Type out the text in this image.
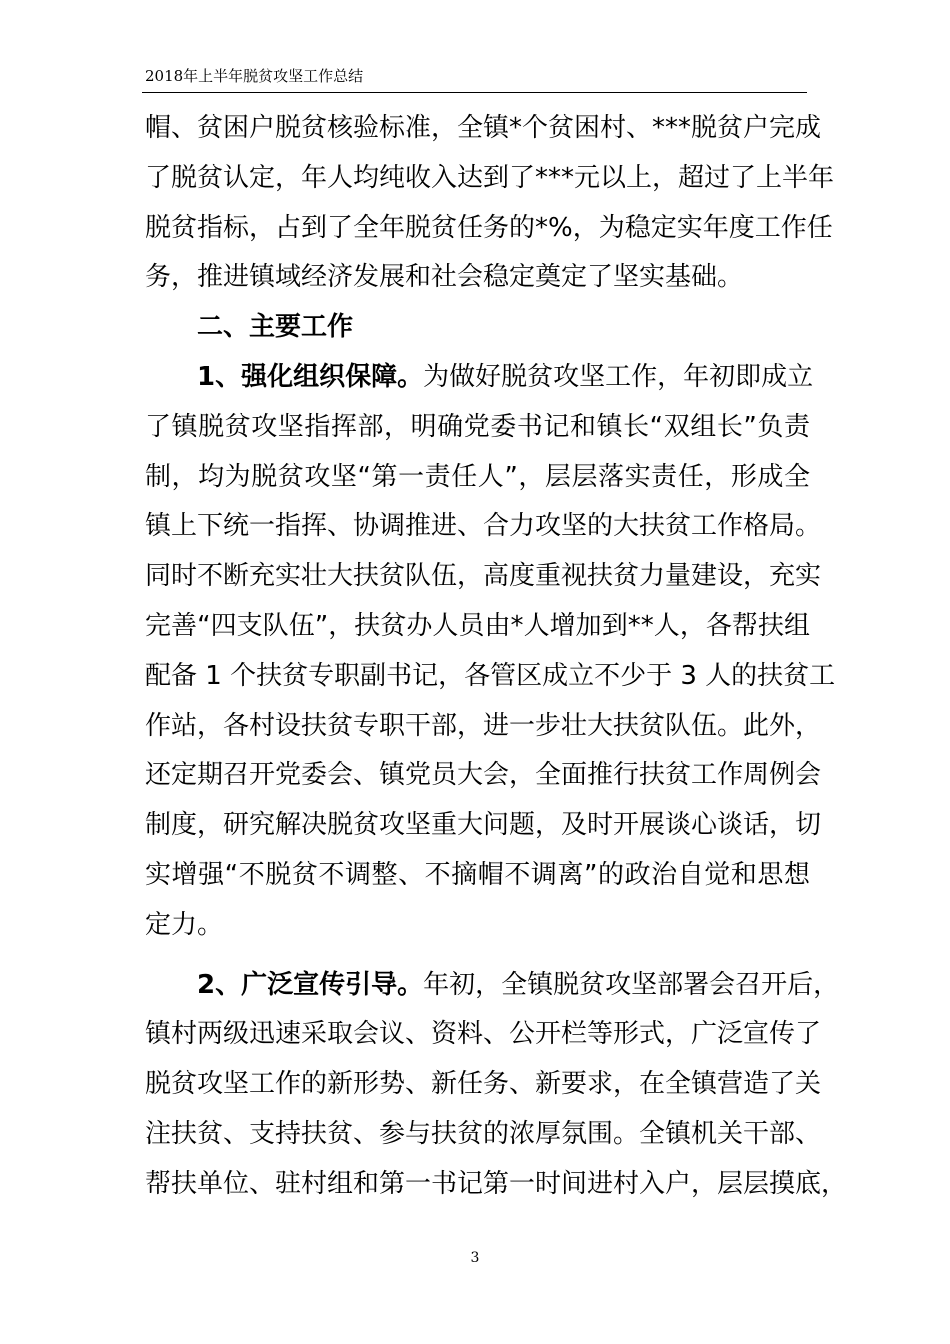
2018年上半年脱贫攻坚工作总结
帽、贫困户脱贫核验标准，全镇*个贫困村、***脱贫户完成
了脱贫认定，年人均纯收入达到了***元以上，超过了上半年
脱贫指标，占到了全年脱贫任务的*%，为稳定实年度工作任
务，推进镇域经济发展和社会稳定奠定了坚实基础。
二、主要工作
1、强化组织保障。为做好脱贫攻坚工作，年初即成立
了镇脱贫攻坚指挥部，明确党委书记和镇长“双组长”负责
制，均为脱贫攻坚“第一责任人”，层层落实责任，形成全
镇上下统一指挥、协调推进、合力攻坚的大扶贫工作格局。
同时不断充实壮大扶贫队伍，高度重视扶贫力量建设，充实
完善“四支队伍”，扶贫办人员由*人增加到**人，各帮扶组
配备 1 个扶贫专职副书记，各管区成立不少于 3 人的扶贫工
作站，各村设扶贫专职干部，进一步壮大扶贫队伍。此外，
还定期召开党委会、镇党员大会，全面推行扶贫工作周例会
制度，研究解决脱贫攻坚重大问题，及时开展谈心谈话，切
实增强“不脱贫不调整、不摘帽不调离”的政治自觉和思想
定力。
2、广泛宣传引导。年初，全镇脱贫攻坚部署会召开后，
镇村两级迅速采取会议、资料、公开栏等形式，广泛宣传了
脱贫攻坚工作的新形势、新任务、新要求，在全镇营造了关
注扶贫、支持扶贫、参与扶贫的浓厚氛围。全镇机关干部、
帮扶单位、驻村组和第一书记第一时间进村入户，层层摸底，
3
